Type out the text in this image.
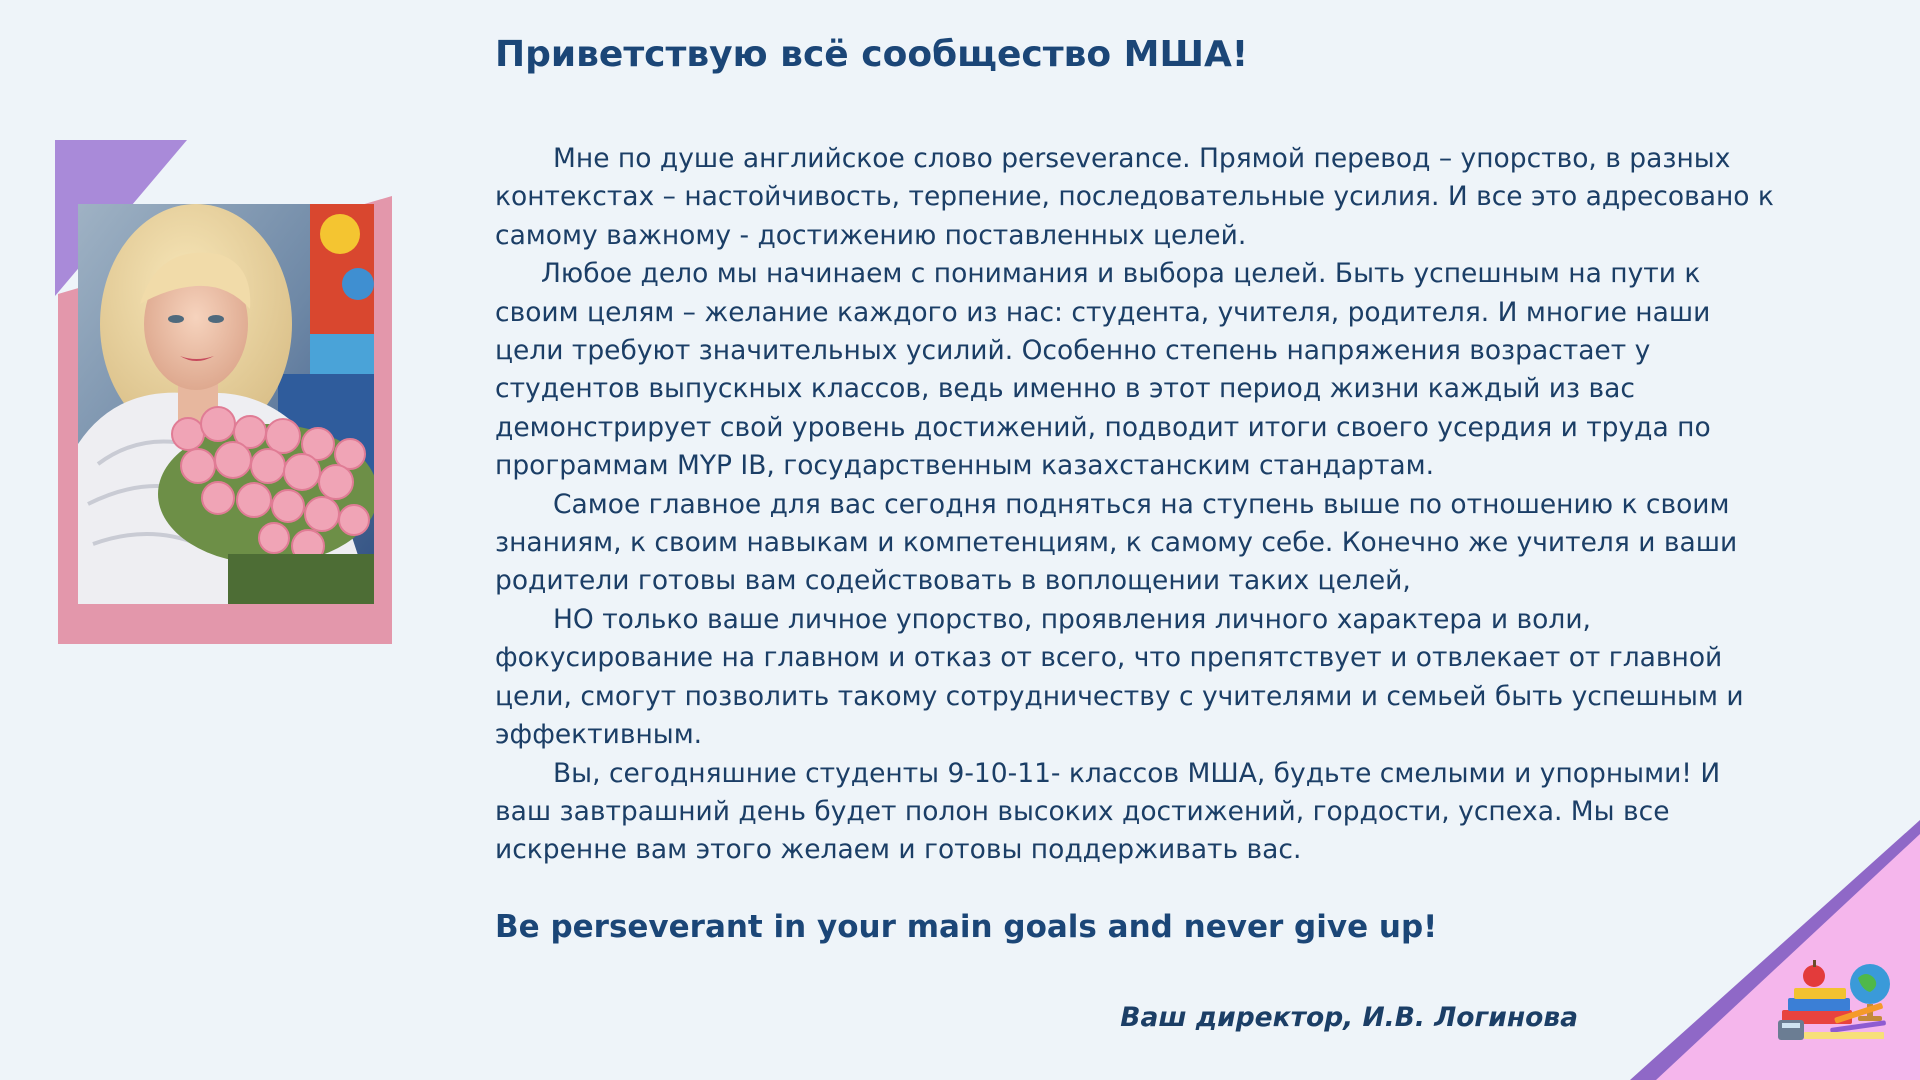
Приветствую всё сообщество МША!

Мне по душе английское слово perseverance. Прямой перевод – упорство, в разных контекстах – настойчивость, терпение, последовательные усилия. И все это адресовано к самому важному - достижению поставленных целей.

Любое дело мы начинаем с понимания и выбора целей. Быть успешным на пути к своим целям – желание каждого из нас: студента, учителя, родителя. И многие наши цели требуют значительных усилий. Особенно степень напряжения возрастает у студентов выпускных классов, ведь именно в этот период жизни каждый из вас демонстрирует свой уровень достижений, подводит итоги своего усердия и труда по программам MYP IB, государственным казахстанским стандартам.

Самое главное для вас сегодня подняться на ступень выше по отношению к своим знаниям, к своим навыкам и компетенциям, к самому себе. Конечно же учителя и ваши родители готовы вам содействовать в воплощении таких целей,

НО только ваше личное упорство, проявления личного характера и воли, фокусирование на главном и отказ от всего, что препятствует и отвлекает от главной цели, смогут позволить такому сотрудничеству с учителями и семьей быть успешным и эффективным.

Вы, сегодняшние студенты 9-10-11- классов МША, будьте смелыми и упорными! И ваш завтрашний день будет полон высоких достижений, гордости, успеха. Мы все искренне вам этого желаем и готовы поддерживать вас.

Be perseverant in your main goals and never give up!
Ваш директор, И.В. Логинова
